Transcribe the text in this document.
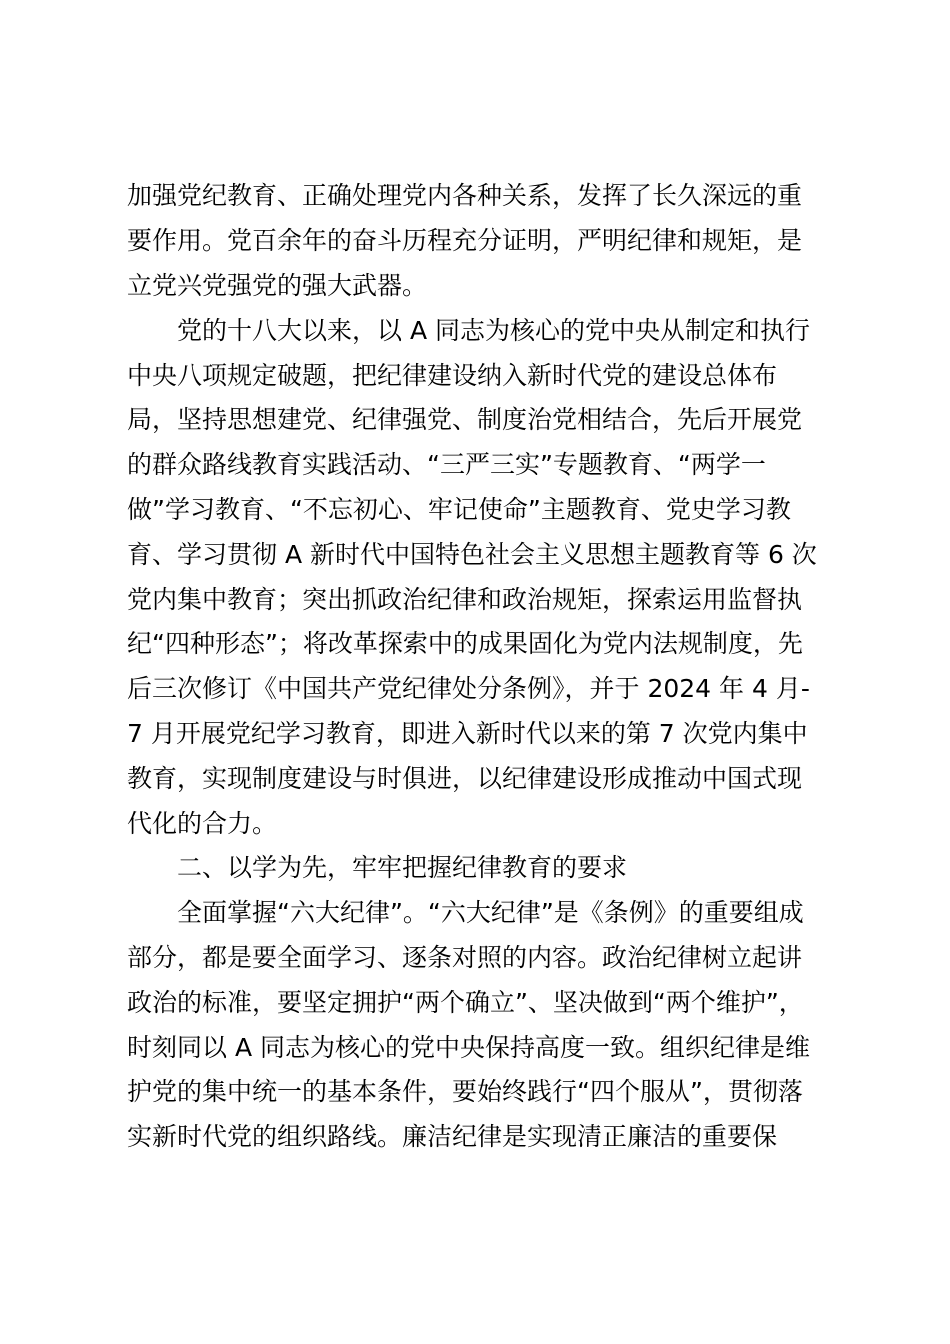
加强党纪教育、正确处理党内各种关系，发挥了长久深远的重
要作用。党百余年的奋斗历程充分证明，严明纪律和规矩，是
立党兴党强党的强大武器。
党的十八大以来，以 A 同志为核心的党中央从制定和执行
中央八项规定破题，把纪律建设纳入新时代党的建设总体布
局，坚持思想建党、纪律强党、制度治党相结合，先后开展党
的群众路线教育实践活动、“三严三实”专题教育、“两学一
做”学习教育、“不忘初心、牢记使命”主题教育、党史学习教
育、学习贯彻 A 新时代中国特色社会主义思想主题教育等 6 次
党内集中教育；突出抓政治纪律和政治规矩，探索运用监督执
纪“四种形态”；将改革探索中的成果固化为党内法规制度，先
后三次修订《中国共产党纪律处分条例》，并于 2024 年 4 月-
7 月开展党纪学习教育，即进入新时代以来的第 7 次党内集中
教育，实现制度建设与时俱进，以纪律建设形成推动中国式现
代化的合力。
二、以学为先，牢牢把握纪律教育的要求
全面掌握“六大纪律”。“六大纪律”是《条例》的重要组成
部分，都是要全面学习、逐条对照的内容。政治纪律树立起讲
政治的标准，要坚定拥护“两个确立”、坚决做到“两个维护”，
时刻同以 A 同志为核心的党中央保持高度一致。组织纪律是维
护党的集中统一的基本条件，要始终践行“四个服从”，贯彻落
实新时代党的组织路线。廉洁纪律是实现清正廉洁的重要保
